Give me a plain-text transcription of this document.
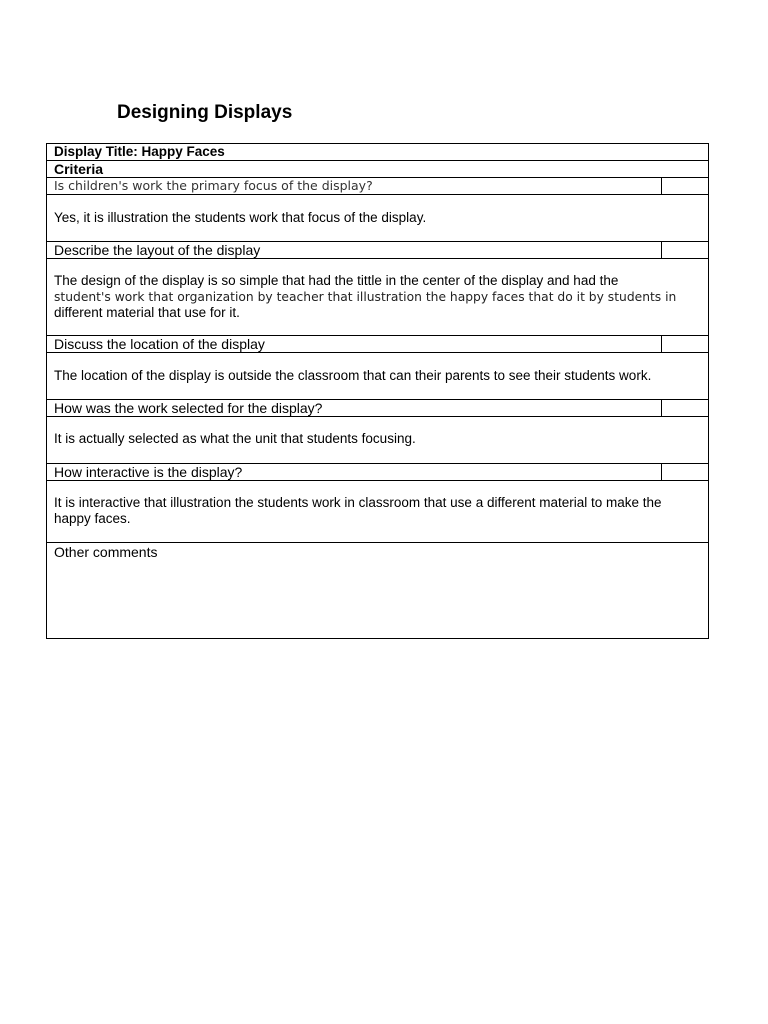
Designing Displays
Display Title: Happy Faces
Criteria
Is children's work the primary focus of the display?
Yes, it is illustration the students work that focus of the display.
Describe the layout of the display
The design of the display is so simple that had the tittle in the center of the display and had the
student's work that organization by teacher that illustration the happy faces that do it by students in
different material that use for it.
Discuss the location of the display
The location of the display is outside the classroom that can their parents to see their students work.
How was the work selected for the display?
It is actually selected as what the unit that students focusing.
How interactive is the display?
It is interactive that illustration the students work in classroom that use a different material to make the
happy faces.
Other comments
